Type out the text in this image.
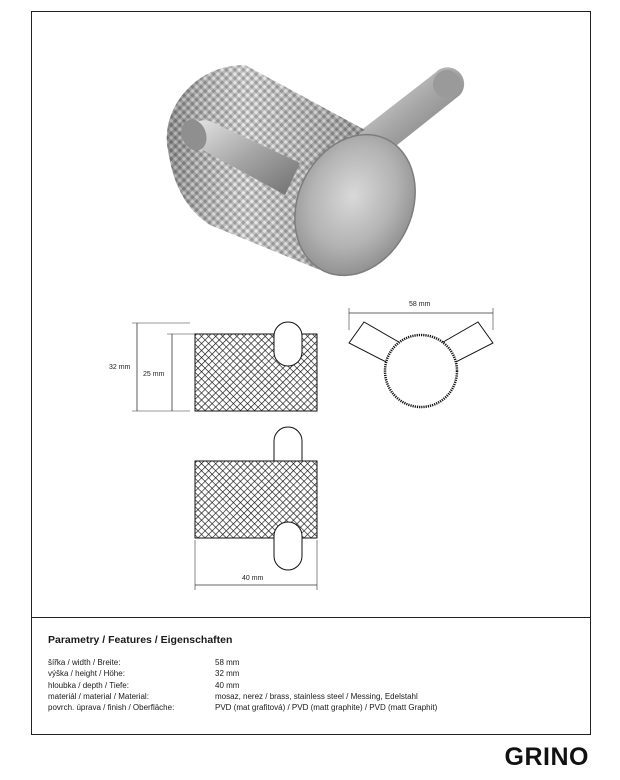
32 mm
25 mm
58 mm
40 mm
Parametry / Features / Eigenschaften
šířka / width / Breite:	58 mm
výška / height / Höhe:	32 mm
hloubka / depth / Tiefe:	40 mm
materiál / material / Material:	mosaz, nerez / brass, stainless steel / Messing, Edelstahl
povrch. úprava / finish / Oberfläche:	PVD (mat grafitová) / PVD (matt graphite) / PVD (matt Graphit)
GRINO
